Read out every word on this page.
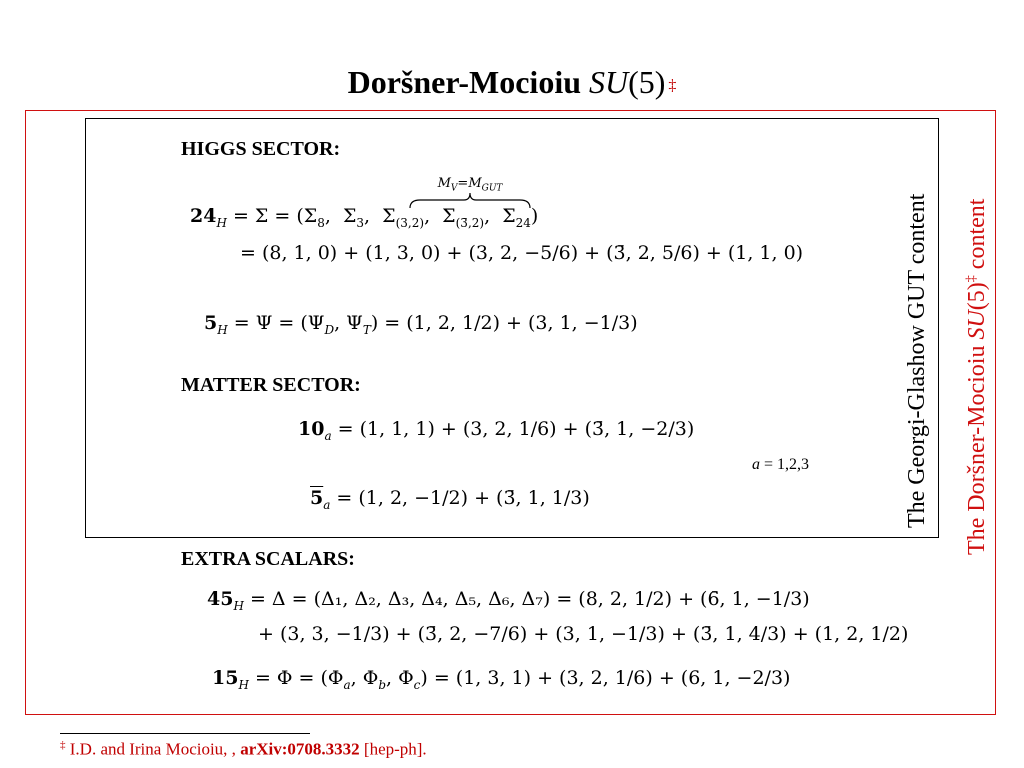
Doršner-Mocioiu SU(5) ‡
HIGGS SECTOR:
$M_V=M_{GUT}$
$24_H = \Sigma = (\Sigma_8$,  $\Sigma_3$,  $\Sigma_{(3,2)}$,  $\Sigma_{(3̄,2)}$,  $\Sigma_{24}$)
= (8, 1, 0) + (1, 3, 0) + (3, 2, −5/6) + (3̄, 2, 5/6) + (1, 1, 0)
$5_H = \Psi = (\Psi_D$, $\Psi_T) = (1$, 2, 1/2) + (3, 1, −1/3)
MATTER SECTOR:
$10_a = (1$, 1, 1) + (3, 2, 1/6) + (3̄, 1, −2/3)
a = 1,2,3
$5_a = (1$, 2, −1/2) + (3̄, 1, 1/3)
EXTRA SCALARS:
$45_H = \Delta = (\Delta_1$, Δ₂, Δ₃, Δ₄, Δ₅, Δ₆, Δ₇) = (8, 2, 1/2) + (6̄, 1, −1/3)
+ (3, 3, −1/3) + (3̄, 2, −7/6) + (3, 1, −1/3) + (3̄, 1, 4/3) + (1, 2, 1/2)
$15_H = \Phi = (\Phi_a$, $\Phi_b$, $\Phi_c) = (1$, 3, 1) + (3, 2, 1/6) + (6, 1, −2/3)
The Georgi-Glashow GUT content The Doršner-Mocioiu SU(5)‡ content
‡ I.D. and Irina Mocioiu, , arXiv:0708.3332 [hep-ph].
